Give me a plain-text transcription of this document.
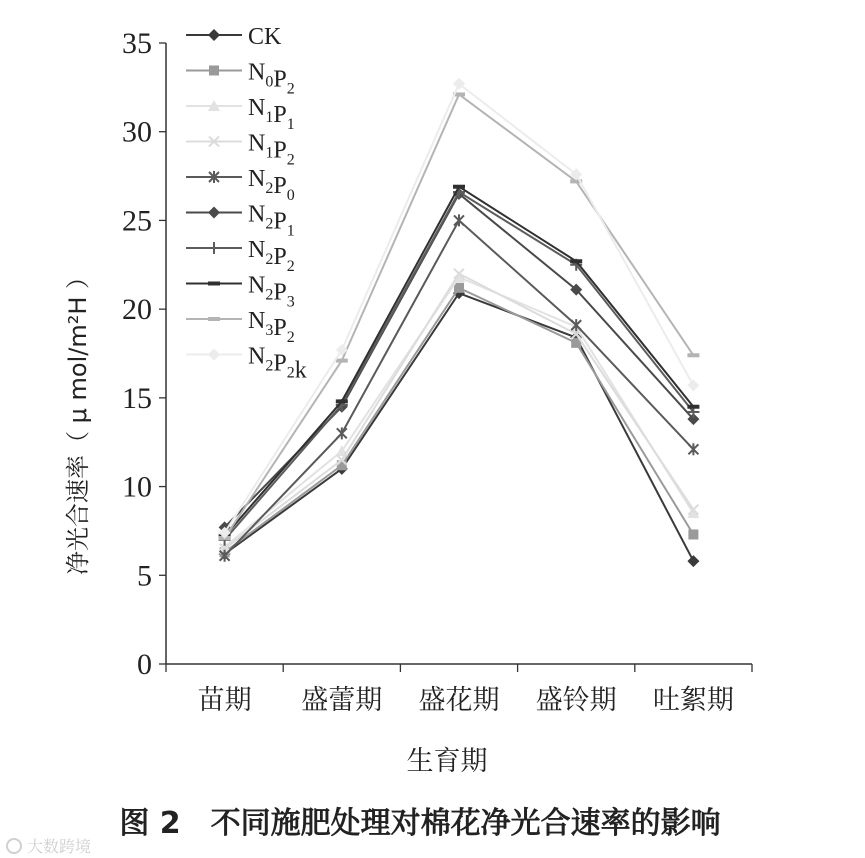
0
5
10
15
20
25
30
35
苗期 盛蕾期 盛花期 盛铃期 吐絮期
CK
$N_0P_2$
$N_1P_1$
$N_1P_2$
$N_2P_0$
$N_2P_1$
$N_2P_2$
$N_2P_3$
$N_3P_2$
$N_2P_2k$
生育期
净光合速率（ μ mol/m²H ）
图 2　不同施肥处理对棉花净光合速率的影响
大数跨境
